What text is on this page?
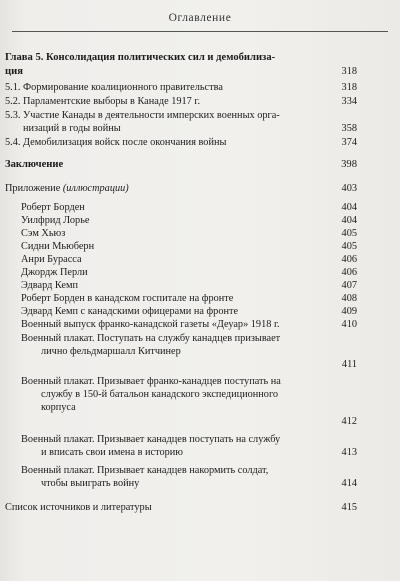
Оглавление
Глава 5. Консолидация политических сил и демобилиза-
ция	318
5.1. Формирование коалиционного правительства	318
5.2. Парламентские выборы в Канаде 1917 г.	334
5.3. Участие Канады в деятельности имперских военных орга-
низаций в годы войны	358
5.4. Демобилизация войск после окончания войны	374
Заключение	398
Приложение (иллюстрации)	403
Роберт Борден	404
Уилфрид Лорье	404
Сэм Хьюз	405
Сидни Мьюберн	405
Анри Бурасса	406
Джордж Перли	406
Эдвард Кемп	407
Роберт Борден в канадском госпитале на фронте	408
Эдвард Кемп с канадскими офицерами на фронте	409
Военный выпуск франко-канадской газеты «Деуар» 1918 г.	410
Военный плакат. Поступать на службу канадцев призывает
лично фельдмаршалл Китчинер
411
Военный плакат. Призывает франко-канадцев поступать на
службу в 150-й батальон канадского экспедиционного
корпуса
412
Военный плакат. Призывает канадцев поступать на службу
и вписать свои имена в историю	413
Военный плакат. Призывает канадцев накормить солдат,
чтобы выиграть войну	414
Список источников и литературы	415
